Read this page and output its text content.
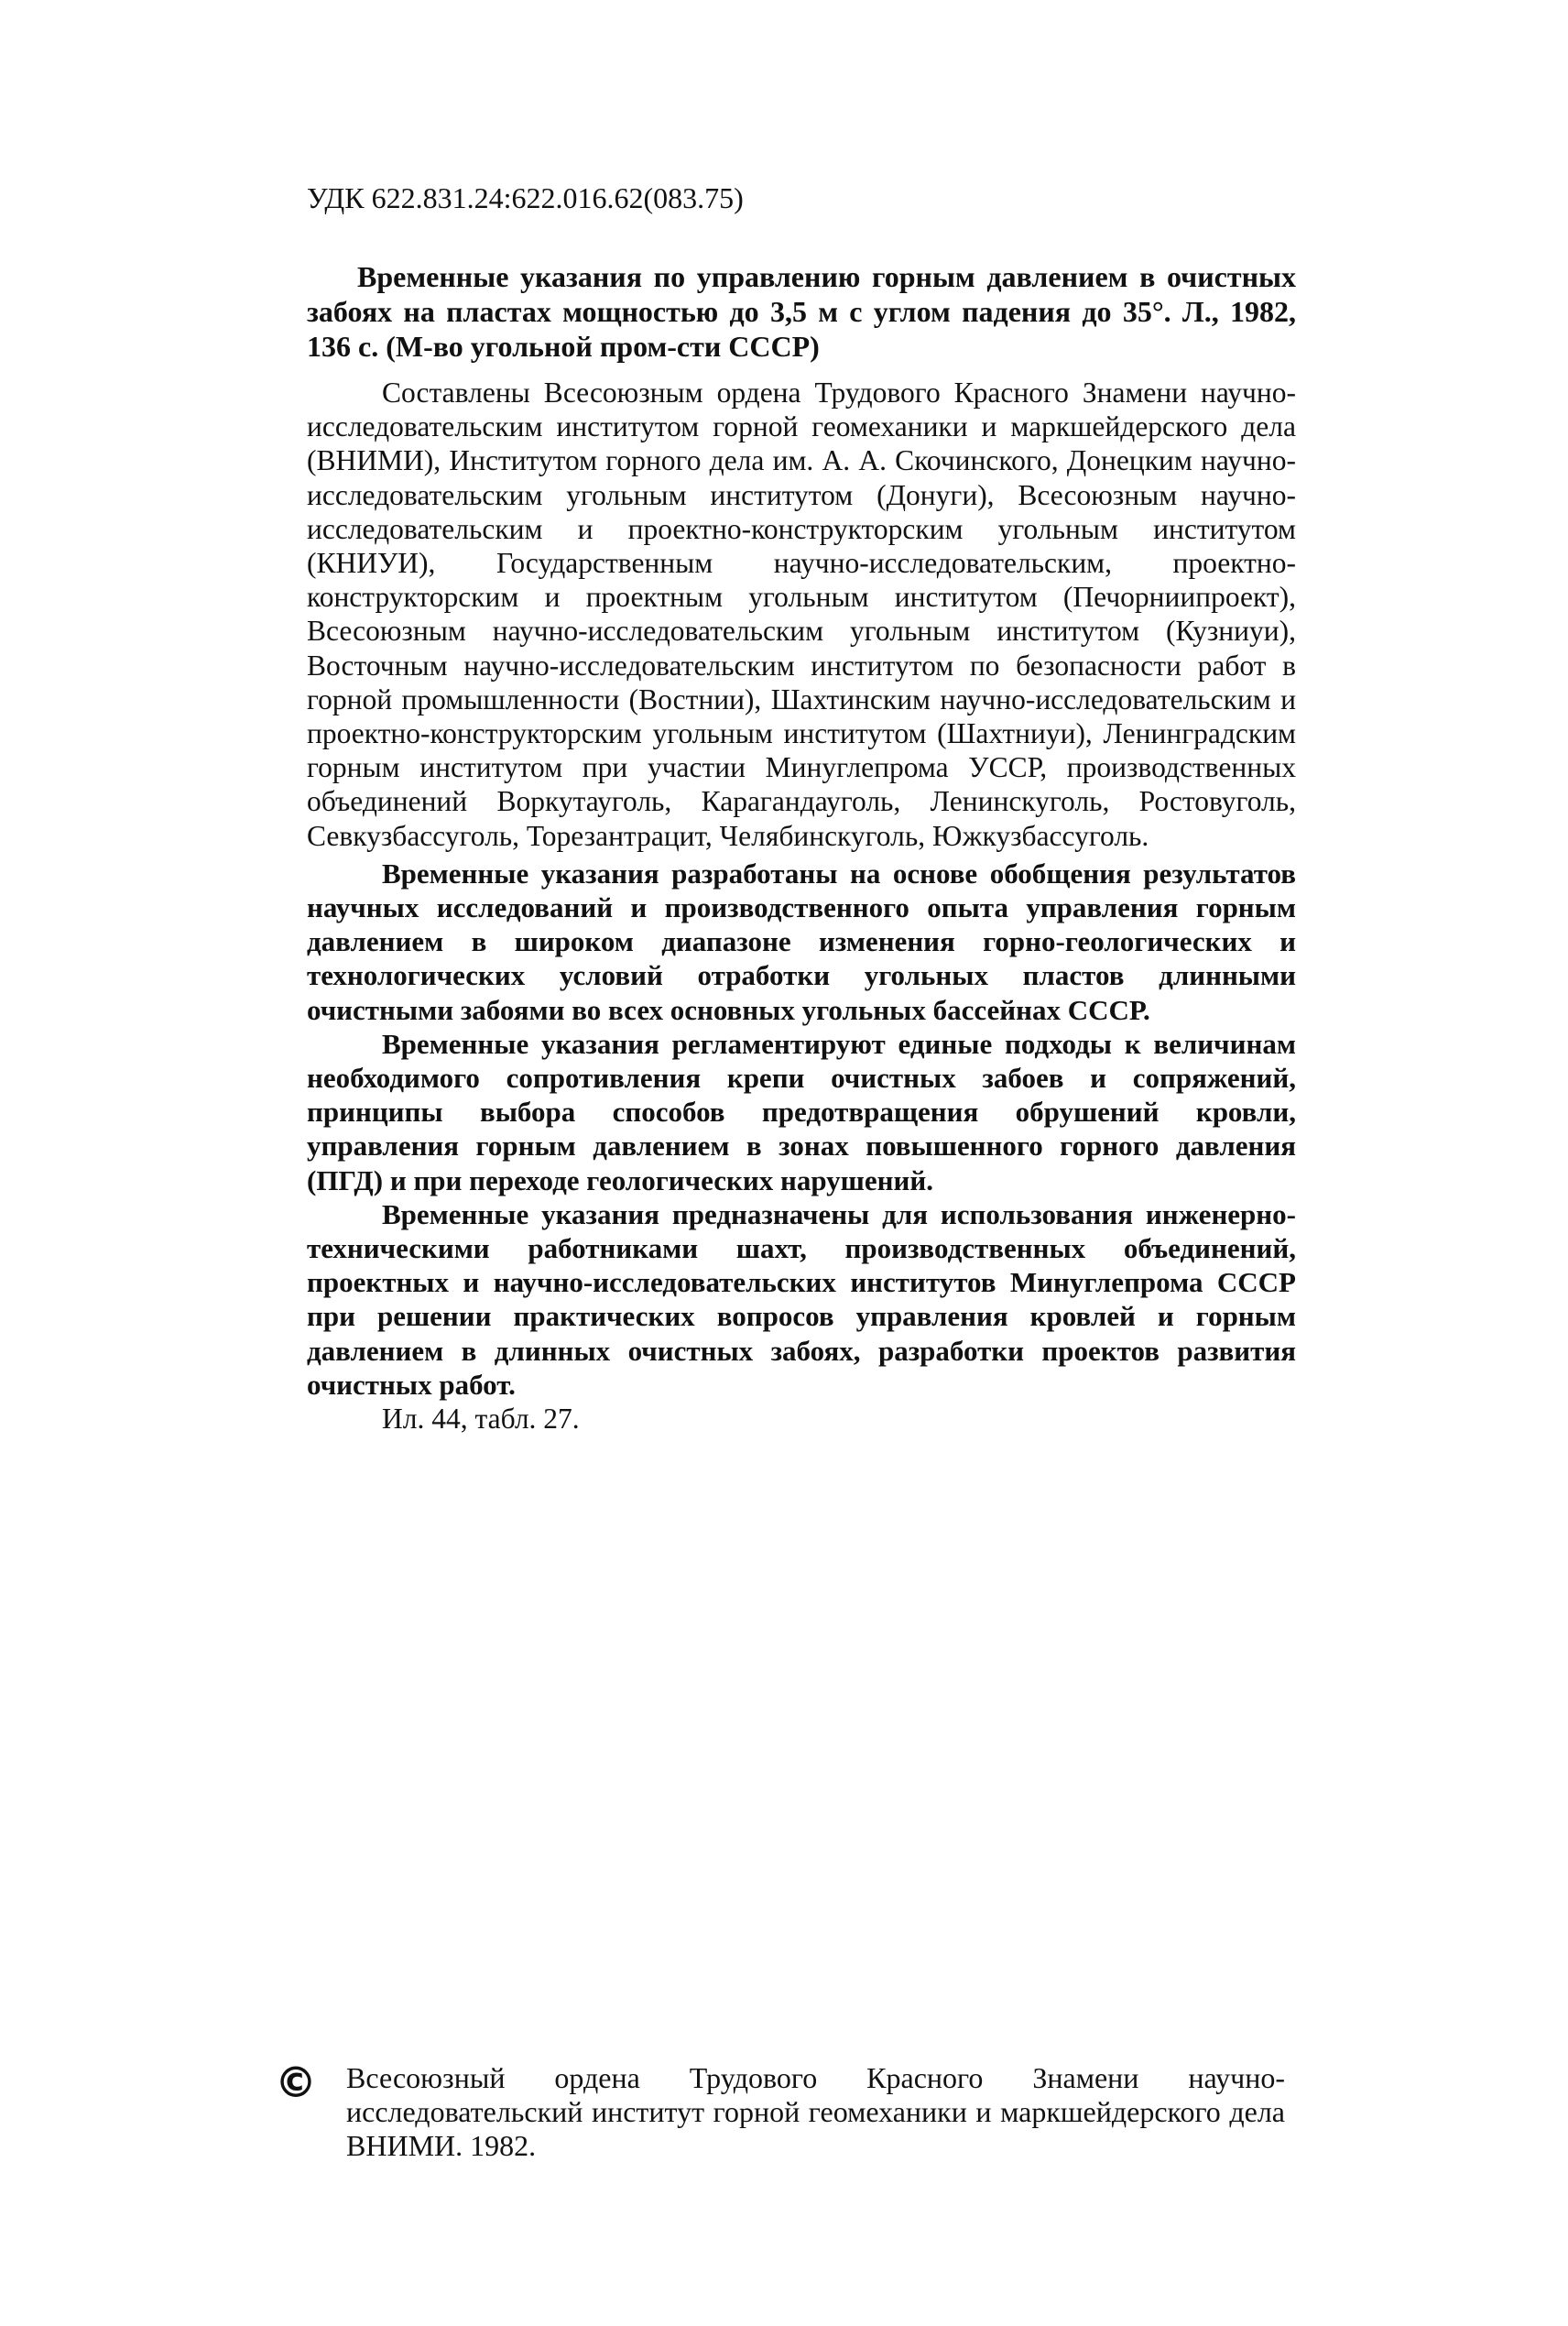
УДК 622.831.24:622.016.62(083.75)

Временные указания по управлению горным давлением в очистных забоях на пластах мощностью до 3,5 м с углом падения до 35°. Л., 1982, 136 с. (М-во угольной пром-сти СССР)

Составлены Всесоюзным ордена Трудового Красного Знамени научно-исследовательским институтом горной геомеханики и маркшейдерского дела (ВНИМИ), Институтом горного дела им. А. А. Скочинского, Донецким научно-исследовательским угольным институтом (Донуги), Всесоюзным научно-исследовательским и проектно-конструкторским угольным институтом (КНИУИ), Государственным научно-исследовательским, проектно-конструкторским и проектным угольным институтом (Печорниипроект), Всесоюзным научно-исследовательским угольным институтом (Кузниуи), Восточным научно-исследовательским институтом по безопасности работ в горной промышленности (Востнии), Шахтинским научно-исследовательским и проектно-конструкторским угольным институтом (Шахтниуи), Ленинградским горным институтом при участии Минуглепрома УССР, производственных объединений Воркутауголь, Карагандауголь, Ленинскуголь, Ростовуголь, Севкузбассуголь, Торезантрацит, Челябинскуголь, Южкузбассуголь.

Временные указания разработаны на основе обобщения результатов научных исследований и производственного опыта управления горным давлением в широком диапазоне изменения горно-геологических и технологических условий отработки угольных пластов длинными очистными забоями во всех основных угольных бассейнах СССР.

Временные указания регламентируют единые подходы к величинам необходимого сопротивления крепи очистных забоев и сопряжений, принципы выбора способов предотвращения обрушений кровли, управления горным давлением в зонах повышенного горного давления (ПГД) и при переходе геологических нарушений.

Временные указания предназначены для использования инженерно-техническими работниками шахт, производственных объединений, проектных и научно-исследовательских институтов Минуглепрома СССР при решении практических вопросов управления кровлей и горным давлением в длинных очистных забоях, разработки проектов развития очистных работ.

Ил. 44, табл. 27.

© Всесоюзный ордена Трудового Красного Знамени научно-исследовательский институт горной геомеханики и маркшейдерского дела ВНИМИ. 1982.
